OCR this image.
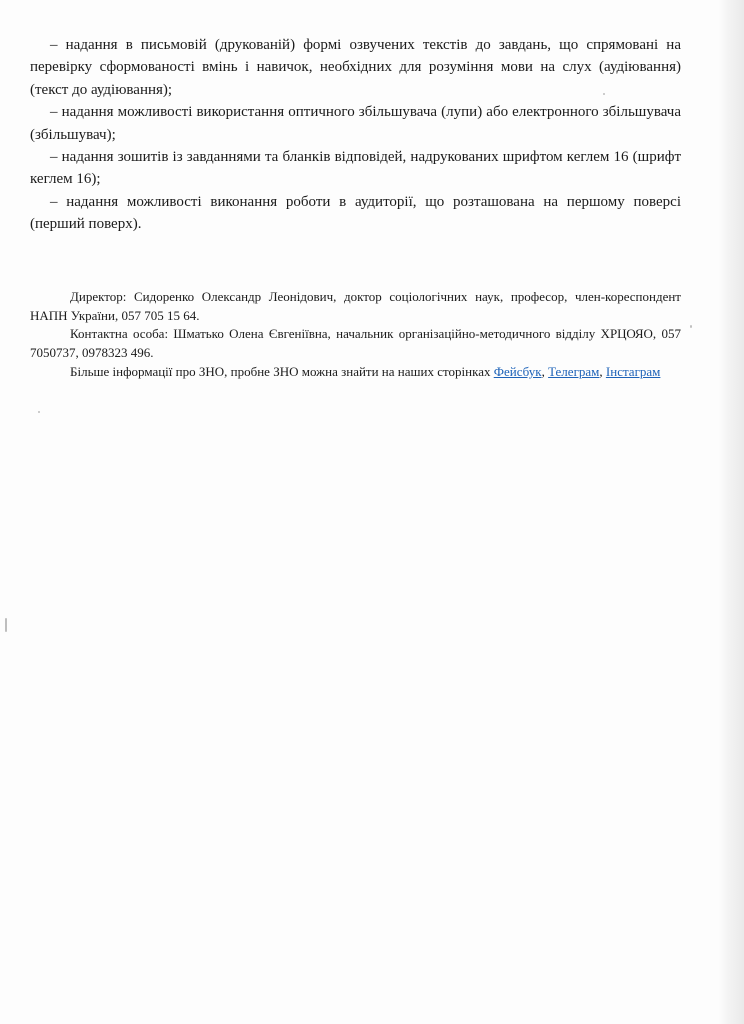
– надання в письмовій (друкованій) формі озвучених текстів до завдань, що спрямовані на перевірку сформованості вмінь і навичок, необхідних для розуміння мови на слух (аудіювання) (текст до аудіювання);

– надання можливості використання оптичного збільшувача (лупи) або електронного збільшувача (збільшувач);

– надання зошитів із завданнями та бланків відповідей, надрукованих шрифтом кеглем 16 (шрифт кеглем 16);

– надання можливості виконання роботи в аудиторії, що розташована на першому поверсі (перший поверх).

Директор: Сидоренко Олександр Леонідович, доктор соціологічних наук, професор, член-кореспондент НАПН України, 057 705 15 64.

Контактна особа: Шматько Олена Євгеніївна, начальник організаційно-методичного відділу ХРЦОЯО, 057 7050737, 0978323 496.

Більше інформації про ЗНО, пробне ЗНО можна знайти на наших сторінках Фейсбук, Телеграм, Інстаграм
